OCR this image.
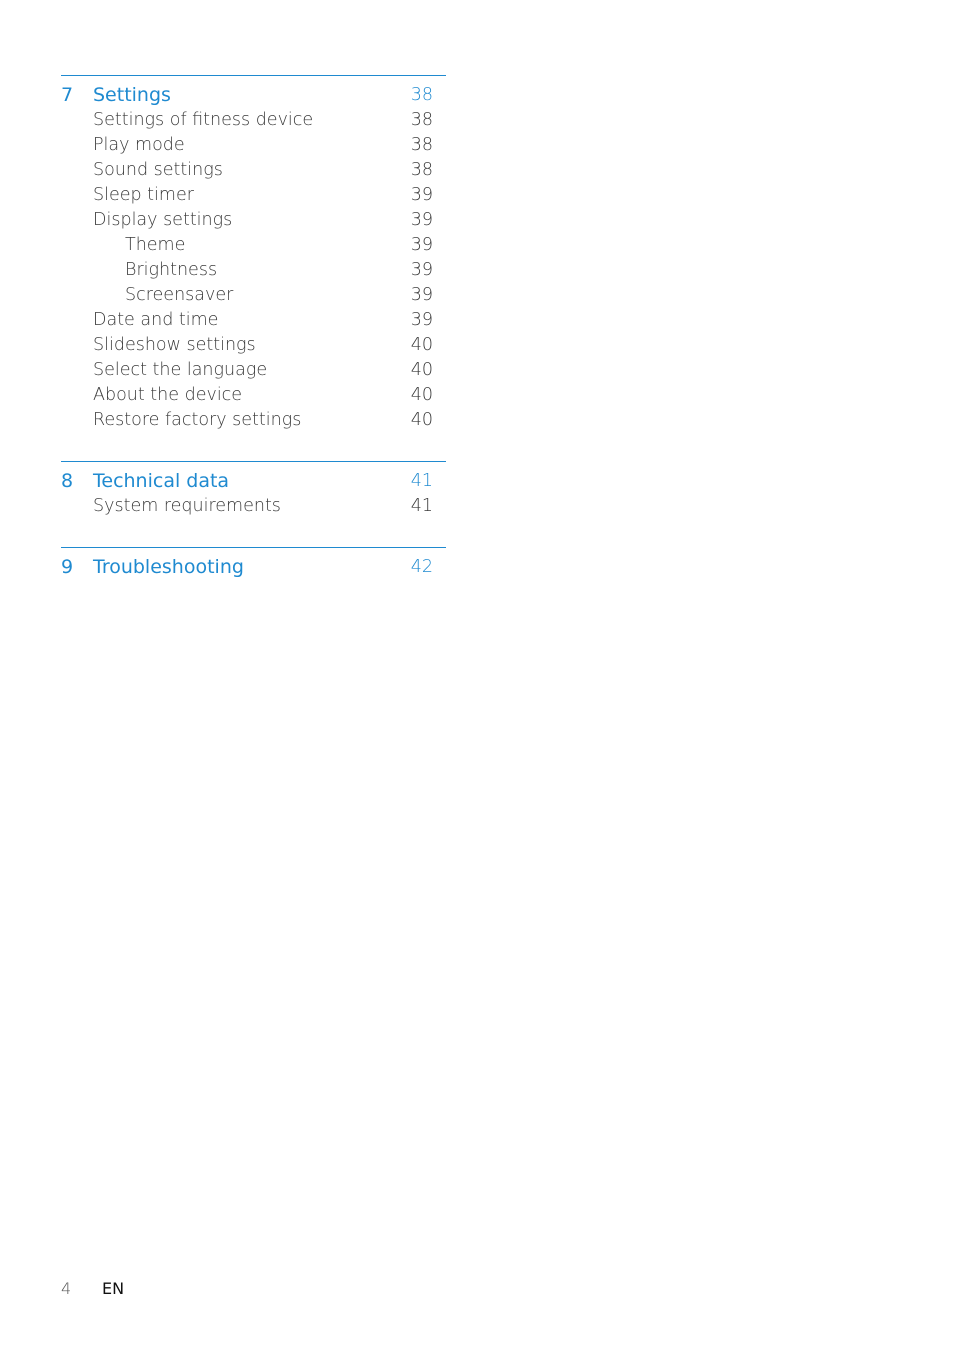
7	Settings	38
Settings of fitness device	38
Play mode	38
Sound settings	38
Sleep timer	39
Display settings	39
Theme	39
Brightness	39
Screensaver	39
Date and time	39
Slideshow settings	40
Select the language	40
About the device	40
Restore factory settings	40
8	Technical data	41
System requirements	41
9	Troubleshooting	42
4 EN
